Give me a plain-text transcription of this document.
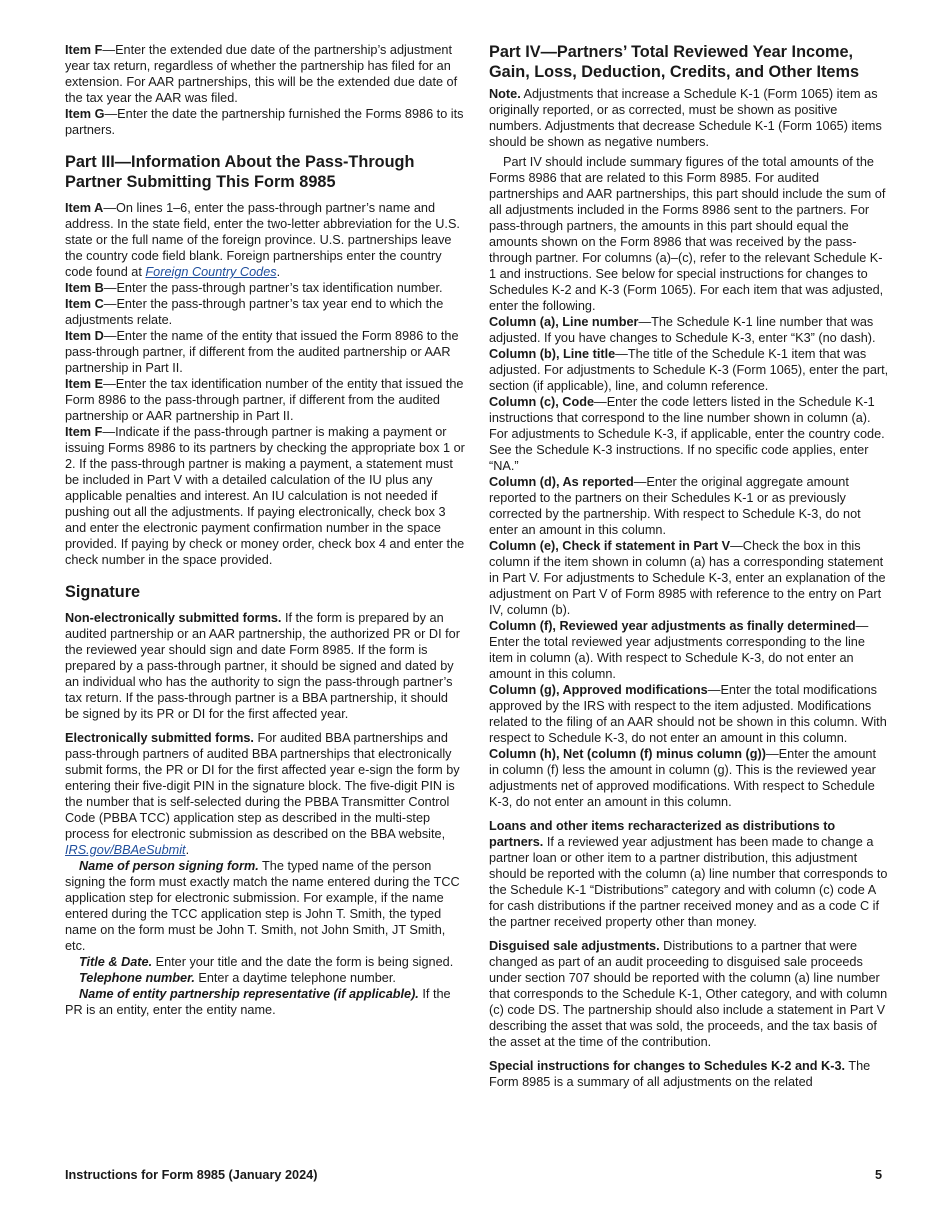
Item F—Enter the extended due date of the partnership’s adjustment year tax return, regardless of whether the partnership has filed for an extension. For AAR partnerships, this will be the extended due date of the tax year the AAR was filed.

Item G—Enter the date the partnership furnished the Forms 8986 to its partners.

Part III—Information About the Pass-Through Partner Submitting This Form 8985

Item A—On lines 1–6, enter the pass-through partner’s name and address. In the state field, enter the two-letter abbreviation for the U.S. state or the full name of the foreign province. U.S. partnerships leave the country code field blank. Foreign partnerships enter the country code found at Foreign Country Codes.

Item B—Enter the pass-through partner’s tax identification number.

Item C—Enter the pass-through partner’s tax year end to which the adjustments relate.

Item D—Enter the name of the entity that issued the Form 8986 to the pass-through partner, if different from the audited partnership or AAR partnership in Part II.

Item E—Enter the tax identification number of the entity that issued the Form 8986 to the pass-through partner, if different from the audited partnership or AAR partnership in Part II.

Item F—Indicate if the pass-through partner is making a payment or issuing Forms 8986 to its partners by checking the appropriate box 1 or 2. If the pass-through partner is making a payment, a statement must be included in Part V with a detailed calculation of the IU plus any applicable penalties and interest. An IU calculation is not needed if pushing out all the adjustments. If paying electronically, check box 3 and enter the electronic payment confirmation number in the space provided. If paying by check or money order, check box 4 and enter the check number in the space provided.

Signature

Non-electronically submitted forms. If the form is prepared by an audited partnership or an AAR partnership, the authorized PR or DI for the reviewed year should sign and date Form 8985. If the form is prepared by a pass-through partner, it should be signed and dated by an individual who has the authority to sign the pass-through partner’s tax return. If the pass-through partner is a BBA partnership, it should be signed by its PR or DI for the first affected year.

Electronically submitted forms. For audited BBA partnerships and pass-through partners of audited BBA partnerships that electronically submit forms, the PR or DI for the first affected year e-sign the form by entering their five-digit PIN in the signature block. The five-digit PIN is the number that is self-selected during the PBBA Transmitter Control Code (PBBA TCC) application step as described in the multi-step process for electronic submission as described on the BBA website, IRS.gov/BBAeSubmit.

Name of person signing form. The typed name of the person signing the form must exactly match the name entered during the TCC application step for electronic submission. For example, if the name entered during the TCC application step is John T. Smith, the typed name on the form must be John T. Smith, not John Smith, JT Smith, etc.

Title & Date. Enter your title and the date the form is being signed.

Telephone number. Enter a daytime telephone number.

Name of entity partnership representative (if applicable). If the PR is an entity, enter the entity name.

Part IV—Partners’ Total Reviewed Year Income, Gain, Loss, Deduction, Credits, and Other Items

Note. Adjustments that increase a Schedule K-1 (Form 1065) item as originally reported, or as corrected, must be shown as positive numbers. Adjustments that decrease Schedule K-1 (Form 1065) items should be shown as negative numbers.

Part IV should include summary figures of the total amounts of the Forms 8986 that are related to this Form 8985. For audited partnerships and AAR partnerships, this part should include the sum of all adjustments included in the Forms 8986 sent to the partners. For pass-through partners, the amounts in this part should equal the amounts shown on the Form 8986 that was received by the pass-through partner. For columns (a)–(c), refer to the relevant Schedule K-1 and instructions. See below for special instructions for changes to Schedules K-2 and K-3 (Form 1065). For each item that was adjusted, enter the following.

Column (a), Line number—The Schedule K-1 line number that was adjusted. If you have changes to Schedule K-3, enter “K3” (no dash).

Column (b), Line title—The title of the Schedule K-1 item that was adjusted. For adjustments to Schedule K-3 (Form 1065), enter the part, section (if applicable), line, and column reference.

Column (c), Code—Enter the code letters listed in the Schedule K-1 instructions that correspond to the line number shown in column (a). For adjustments to Schedule K-3, if applicable, enter the country code. See the Schedule K-3 instructions. If no specific code applies, enter “NA.”

Column (d), As reported—Enter the original aggregate amount reported to the partners on their Schedules K-1 or as previously corrected by the partnership. With respect to Schedule K-3, do not enter an amount in this column.

Column (e), Check if statement in Part V—Check the box in this column if the item shown in column (a) has a corresponding statement in Part V. For adjustments to Schedule K-3, enter an explanation of the adjustment on Part V of Form 8985 with reference to the entry on Part IV, column (b).

Column (f), Reviewed year adjustments as finally determined—Enter the total reviewed year adjustments corresponding to the line item in column (a). With respect to Schedule K-3, do not enter an amount in this column.

Column (g), Approved modifications—Enter the total modifications approved by the IRS with respect to the item adjusted. Modifications related to the filing of an AAR should not be shown in this column. With respect to Schedule K-3, do not enter an amount in this column.

Column (h), Net (column (f) minus column (g))—Enter the amount in column (f) less the amount in column (g). This is the reviewed year adjustments net of approved modifications. With respect to Schedule K-3, do not enter an amount in this column.

Loans and other items recharacterized as distributions to partners. If a reviewed year adjustment has been made to change a partner loan or other item to a partner distribution, this adjustment should be reported with the column (a) line number that corresponds to the Schedule K-1 “Distributions” category and with column (c) code A for cash distributions if the partner received money and as a code C if the partner received property other than money.

Disguised sale adjustments. Distributions to a partner that were changed as part of an audit proceeding to disguised sale proceeds under section 707 should be reported with the column (a) line number that corresponds to the Schedule K-1, Other category, and with column (c) code DS. The partnership should also include a statement in Part V describing the asset that was sold, the proceeds, and the tax basis of the asset at the time of the contribution.

Special instructions for changes to Schedules K-2 and K-3. The Form 8985 is a summary of all adjustments on the related

Instructions for Form 8985 (January 2024)	5
